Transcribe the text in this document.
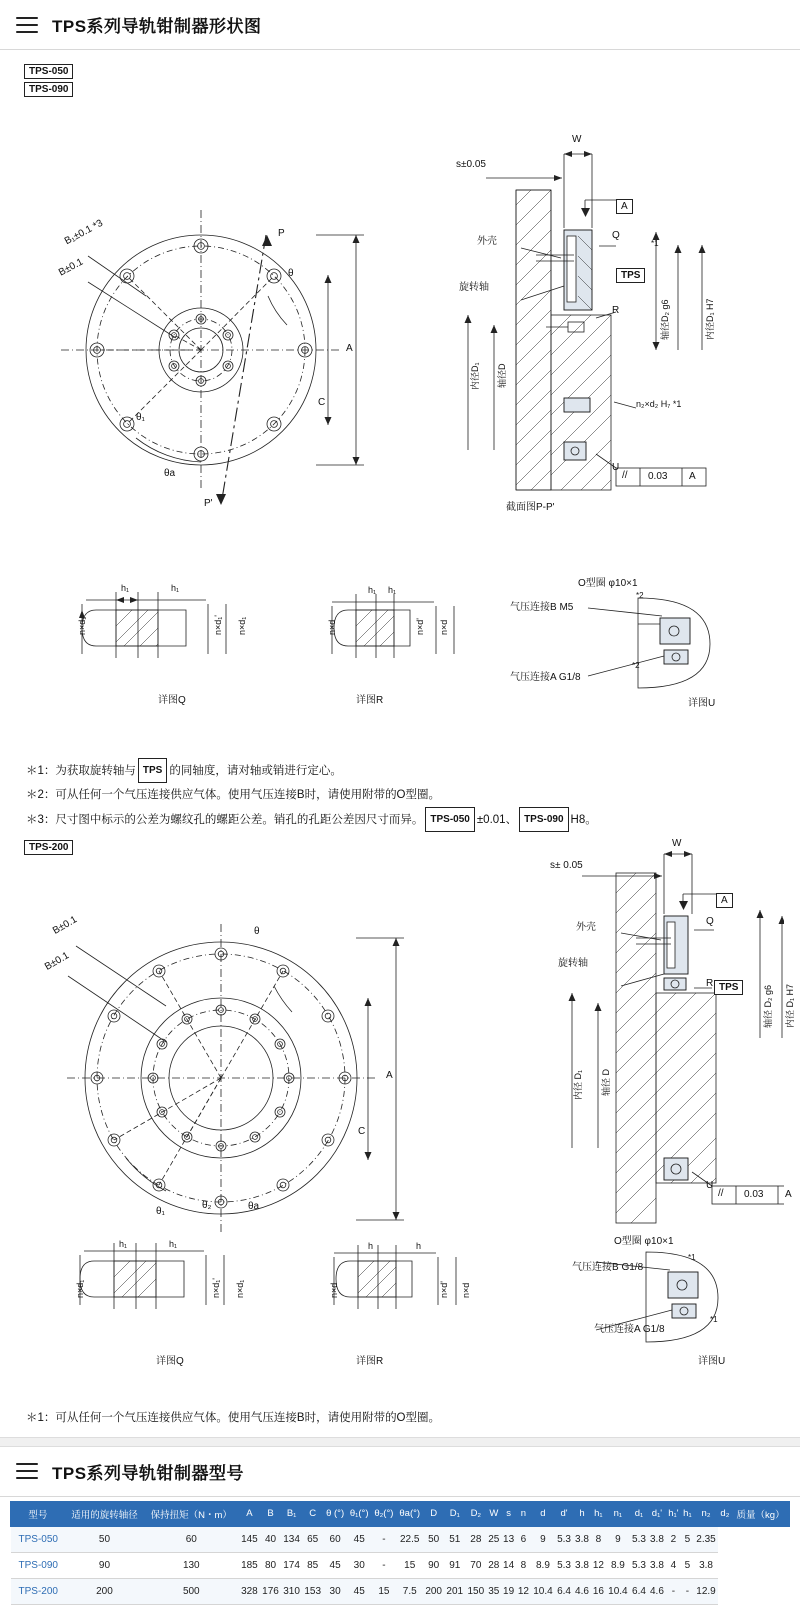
TPS系列导轨钳制器形状图
TPS-050
TPS-090
B₁±0.1 *3
B±0.1
P
P'
θ
θ₁
θa
A
C
s±0.05
W
外壳
旋转轴
Q
R
U
内径D₁ 轴径D
轴径D₂ g6	内径D₁ H7
n₂×d₂ H₇ *1
截面图P-P'
*1
A
TPS
// 0.03 A
n×d₁
h₁	h₁
n×d₁' n×d₁
详图Q
n×d
h₁ h₁
n×d' n×d
详图R
O型圈 φ10×1
气压连接B M5
*2
气压连接A G1/8
*2
详图U
＊1：为获取旋转轴与 TPS 的同轴度，请对轴或销进行定心。
＊2：可从任何一个气压连接供应气体。使用气压连接B时，请使用附带的O型圈。
＊3：尺寸图中标示的公差为螺纹孔的螺距公差。销孔的孔距公差因尺寸而异。 TPS-050 ±0.01、 TPS-090 H8。
TPS-200
B±0.1
B±0.1
θ
θ₁
θ₂	θa
A
C
s± 0.05
W
外壳
旋转轴
Q
R
U
内径 D₁ 轴径 D
轴径 D₂ g6 内径 D₁ H7
A
TPS
// 0.03 A
n×d₁
h₁	h₁
n×d₁' n×d₁
详图Q
n×d
h	h
n×d' n×d
详图R
O型圈 φ10×1
气压连接B G1/8
*1
气压连接A G1/8
*1
详图U
＊1：可从任何一个气压连接供应气体。使用气压连接B时，请使用附带的O型圈。
TPS系列导轨钳制器型号
型号	适用的旋转轴径	保持扭矩（N・m）	A	B	B₁	C	θ (°)	θ₁(°)	θ₂(°)	θa(°)	D	D₁	D₂	W	s	n	d	d'	h	h₁	n₁	d₁	d₁'	h₁'	h₁	n₂	d₂	质量（kg）
TPS-050	50	60	145	40	134	65	60	45	-	22.5	50	51	28	25	13	6	9	5.3	3.8	8	9	5.3	3.8	2	5	2.35		
TPS-090	90	130	185	80	174	85	45	30	-	15	90	91	70	28	14	8	8.9	5.3	3.8	12	8.9	5.3	3.8	4	5	3.8		
TPS-200	200	500	328	176	310	153	30	45	15	7.5	200	201	150	35	19	12	10.4	6.4	4.6	16	10.4	6.4	4.6	-	-	12.9		
